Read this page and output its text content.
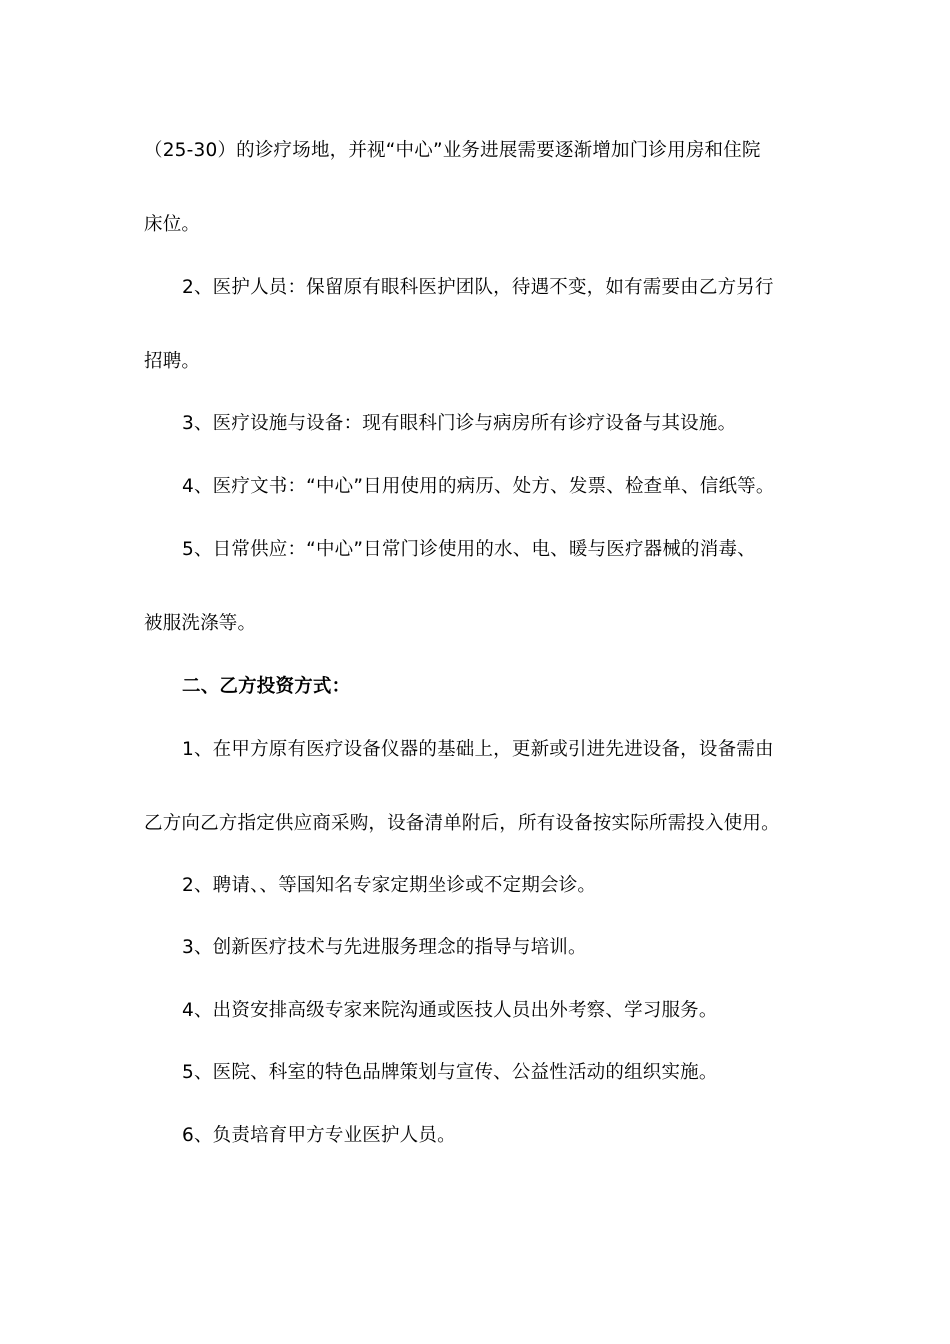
（25-30）的诊疗场地，并视“中心”业务进展需要逐渐增加门诊用房和住院
床位。
2、医护人员：保留原有眼科医护团队，待遇不变，如有需要由乙方另行
招聘。
3、医疗设施与设备：现有眼科门诊与病房所有诊疗设备与其设施。
4、医疗文书：“中心”日用使用的病历、处方、发票、检查单、信纸等。
5、日常供应：“中心”日常门诊使用的水、电、暖与医疗器械的消毒、
被服洗涤等。
二、乙方投资方式：
1、在甲方原有医疗设备仪器的基础上，更新或引进先进设备，设备需由
乙方向乙方指定供应商采购，设备清单附后，所有设备按实际所需投入使用。
2、聘请、、等国知名专家定期坐诊或不定期会诊。
3、创新医疗技术与先进服务理念的指导与培训。
4、出资安排高级专家来院沟通或医技人员出外考察、学习服务。
5、医院、科室的特色品牌策划与宣传、公益性活动的组织实施。
6、负责培育甲方专业医护人员。
